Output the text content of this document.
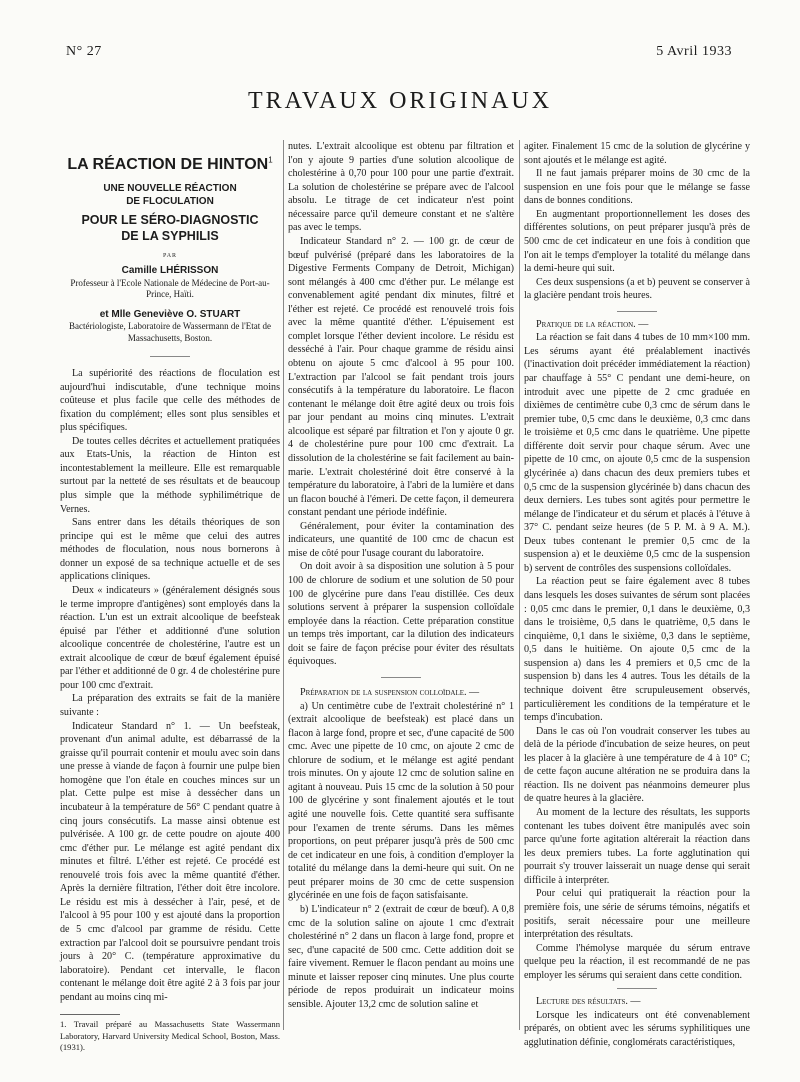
N° 27	5 Avril 1933
TRAVAUX ORIGINAUX

LA RÉACTION DE HINTON$^1$

UNE NOUVELLE RÉACTION

DE FLOCULATION

POUR LE SÉRO-DIAGNOSTIC

DE LA SYPHILIS

PAR

Camille LHÉRISSON

Professeur à l'Ecole Nationale de Médecine de Port-au-Prince, Haïti.

et Mlle Geneviève O. STUART

Bactériologiste, Laboratoire de Wassermann de l'Etat de Massachusetts, Boston.

La supériorité des réactions de floculation est aujourd'hui indiscutable, d'une technique moins coûteuse et plus facile que celle des méthodes de fixation du complément; elles sont plus sensibles et plus spécifiques.

De toutes celles décrites et actuellement pratiquées aux Etats-Unis, la réaction de Hinton est incontestablement la meilleure. Elle est remarquable surtout par la netteté de ses résultats et de beaucoup plus simple que la méthode syphilimétrique de Vernes.

Sans entrer dans les détails théoriques de son principe qui est le même que celui des autres méthodes de floculation, nous nous bornerons à donner un exposé de sa technique actuelle et de ses applications cliniques.

Deux « indicateurs » (généralement désignés sous le terme impropre d'antigènes) sont employés dans la réaction. L'un est un extrait alcoolique de beefsteak épuisé par l'éther et additionné d'une solution alcoolique concentrée de cholestérine, l'autre est un extrait alcoolique de cœur de bœuf également épuisé par l'éther et additionné de 0 gr. 4 de cholestérine pure pour 100 cmc d'extrait.

La préparation des extraits se fait de la manière suivante :

Indicateur Standard n° 1. — Un beefsteak, provenant d'un animal adulte, est débarrassé de la graisse qu'il pourrait contenir et moulu avec soin dans une presse à viande de façon à fournir une pulpe bien homogène que l'on étale en couches minces sur un plat. Cette pulpe est mise à dessécher dans un incubateur à la température de 56° C pendant quatre à cinq jours consécutifs. La masse ainsi obtenue est pulvérisée. A 100 gr. de cette poudre on ajoute 400 cmc d'éther pur. Le mélange est agité pendant dix minutes et filtré. L'éther est rejeté. Ce procédé est renouvelé trois fois avec la même quantité d'éther. Après la dernière filtration, l'éther doit être incolore. Le résidu est mis à dessécher à l'air, pesé, et de l'alcool à 95 pour 100 y est ajouté dans la proportion de 5 cmc d'alcool par gramme de résidu. Cette extraction par l'alcool doit se poursuivre pendant trois jours à 20° C. (température approximative du laboratoire). Pendant cet intervalle, le flacon contenant le mélange doit être agité 2 à 3 fois par jour pendant au moins cinq mi-

1. Travail préparé au Massachusetts State Wassermann Laboratory, Harvard University Medical School, Boston, Mass. (1931).

nutes. L'extrait alcoolique est obtenu par filtration et l'on y ajoute 9 parties d'une solution alcoolique de cholestérine à 0,70 pour 100 pour une partie d'extrait. La solution de cholestérine se prépare avec de l'alcool absolu. Le titrage de cet indicateur n'est point nécessaire parce qu'il demeure constant et ne s'altère pas avec le temps.

Indicateur Standard n° 2. — 100 gr. de cœur de bœuf pulvérisé (préparé dans les laboratoires de la Digestive Ferments Company de Detroit, Michigan) sont mélangés à 400 cmc d'éther pur. Le mélange est convenablement agité pendant dix minutes, filtré et l'éther est rejeté. Ce procédé est renouvelé trois fois avec la même quantité d'éther. L'épuisement est complet lorsque l'éther devient incolore. Le résidu est desséché à l'air. Pour chaque gramme de résidu ainsi obtenu on ajoute 5 cmc d'alcool à 95 pour 100. L'extraction par l'alcool se fait pendant trois jours consécutifs à la température du laboratoire. Le flacon contenant le mélange doit être agité deux ou trois fois par jour pendant au moins cinq minutes. L'extrait alcoolique est séparé par filtration et l'on y ajoute 0 gr. 4 de cholestérine pure pour 100 cmc d'extrait. La dissolution de la cholestérine se fait facilement au bain-marie. L'extrait cholestériné doit être conservé à la température du laboratoire, à l'abri de la lumière et dans un flacon bouché à l'émeri. De cette façon, il demeurera constant pendant une période indéfinie.

Généralement, pour éviter la contamination des indicateurs, une quantité de 100 cmc de chacun est mise de côté pour l'usage courant du laboratoire.

On doit avoir à sa disposition une solution à 5 pour 100 de chlorure de sodium et une solution de 50 pour 100 de glycérine pure dans l'eau distillée. Ces deux solutions servent à préparer la suspension colloïdale employée dans la réaction. Cette préparation constitue un temps très important, car la dilution des indicateurs doit se faire de façon précise pour éviter des résultats équivoques.

Préparation de la suspension colloïdale. —

a) Un centimètre cube de l'extrait cholestériné n° 1 (extrait alcoolique de beefsteak) est placé dans un flacon à large fond, propre et sec, d'une capacité de 500 cmc. Avec une pipette de 10 cmc, on ajoute 2 cmc de chlorure de sodium, et le mélange est agité pendant trois minutes. On y ajoute 12 cmc de solution saline en agitant à nouveau. Puis 15 cmc de la solution à 50 pour 100 de glycérine y sont finalement ajoutés et le tout agité une nouvelle fois. Cette quantité sera suffisante pour l'examen de trente sérums. Dans les mêmes proportions, on peut préparer jusqu'à près de 500 cmc de cet indicateur en une fois, à condition d'employer la totalité du mélange dans la demi-heure qui suit. On ne peut préparer moins de 30 cmc de cette suspension glycérinée en une fois de façon satisfaisante.

b) L'indicateur n° 2 (extrait de cœur de bœuf). A 0,8 cmc de la solution saline on ajoute 1 cmc d'extrait cholestériné n° 2 dans un flacon à large fond, propre et sec, d'une capacité de 500 cmc. Cette addition doit se faire vivement. Remuer le flacon pendant au moins une minute et laisser reposer cinq minutes. Une plus courte période de repos produirait un indicateur moins sensible. Ajouter 13,2 cmc de solution saline et

agiter. Finalement 15 cmc de la solution de glycérine y sont ajoutés et le mélange est agité.

Il ne faut jamais préparer moins de 30 cmc de la suspension en une fois pour que le mélange se fasse dans de bonnes conditions.

En augmentant proportionnellement les doses des différentes solutions, on peut préparer jusqu'à près de 500 cmc de cet indicateur en une fois à condition que l'on ait le temps d'employer la totalité du mélange dans la demi-heure qui suit.

Ces deux suspensions (a et b) peuvent se conserver à la glacière pendant trois heures.

Pratique de la réaction. —

La réaction se fait dans 4 tubes de 10 mm×100 mm. Les sérums ayant été préalablement inactivés (l'inactivation doit précéder immédiatement la réaction) par chauffage à 55° C pendant une demi-heure, on introduit avec une pipette de 2 cmc graduée en dixièmes de centimètre cube 0,3 cmc de sérum dans le premier tube, 0,5 cmc dans le deuxième, 0,3 cmc dans le troisième et 0,5 cmc dans le quatrième. Une pipette différente doit servir pour chaque sérum. Avec une pipette de 10 cmc, on ajoute 0,5 cmc de la suspension glycérinée a) dans chacun des deux premiers tubes et 0,5 cmc de la suspension glycérinée b) dans chacun des deux derniers. Les tubes sont agités pour permettre le mélange de l'indicateur et du sérum et placés à l'étuve à 37° C. pendant seize heures (de 5 P. M. à 9 A. M.). Deux tubes contenant le premier 0,5 cmc de la suspension a) et le deuxième 0,5 cmc de la suspension b) servent de contrôles des suspensions colloïdales.

La réaction peut se faire également avec 8 tubes dans lesquels les doses suivantes de sérum sont placées : 0,05 cmc dans le premier, 0,1 dans le deuxième, 0,3 dans le troisième, 0,5 dans le quatrième, 0,5 dans le cinquième, 0,1 dans le sixième, 0,3 dans le septième, 0,5 dans le huitième. On ajoute 0,5 cmc de la suspension a) dans les 4 premiers et 0,5 cmc de la suspension b) dans les 4 autres. Tous les détails de la technique doivent être scrupuleusement observés, particulièrement les conditions de la température et le temps d'incubation.

Dans le cas où l'on voudrait conserver les tubes au delà de la période d'incubation de seize heures, on peut les placer à la glacière à une température de 4 à 10° C; de cette façon aucune altération ne se produira dans la réaction. Ils ne doivent pas néanmoins demeurer plus de quatre heures à la glacière.

Au moment de la lecture des résultats, les supports contenant les tubes doivent être manipulés avec soin parce qu'une forte agitation altérerait la réaction dans les deux premiers tubes. La forte agglutination qui pourrait s'y trouver laisserait un nuage dense qui serait difficile à interpréter.

Pour celui qui pratiquerait la réaction pour la première fois, une série de sérums témoins, négatifs et positifs, serait nécessaire pour une meilleure interprétation des résultats.

Comme l'hémolyse marquée du sérum entrave quelque peu la réaction, il est recommandé de ne pas employer les sérums qui seraient dans cette condition.

Lecture des résultats. —

Lorsque les indicateurs ont été convenablement préparés, on obtient avec les sérums syphilitiques une agglutination définie, conglomérats caractéristiques,
